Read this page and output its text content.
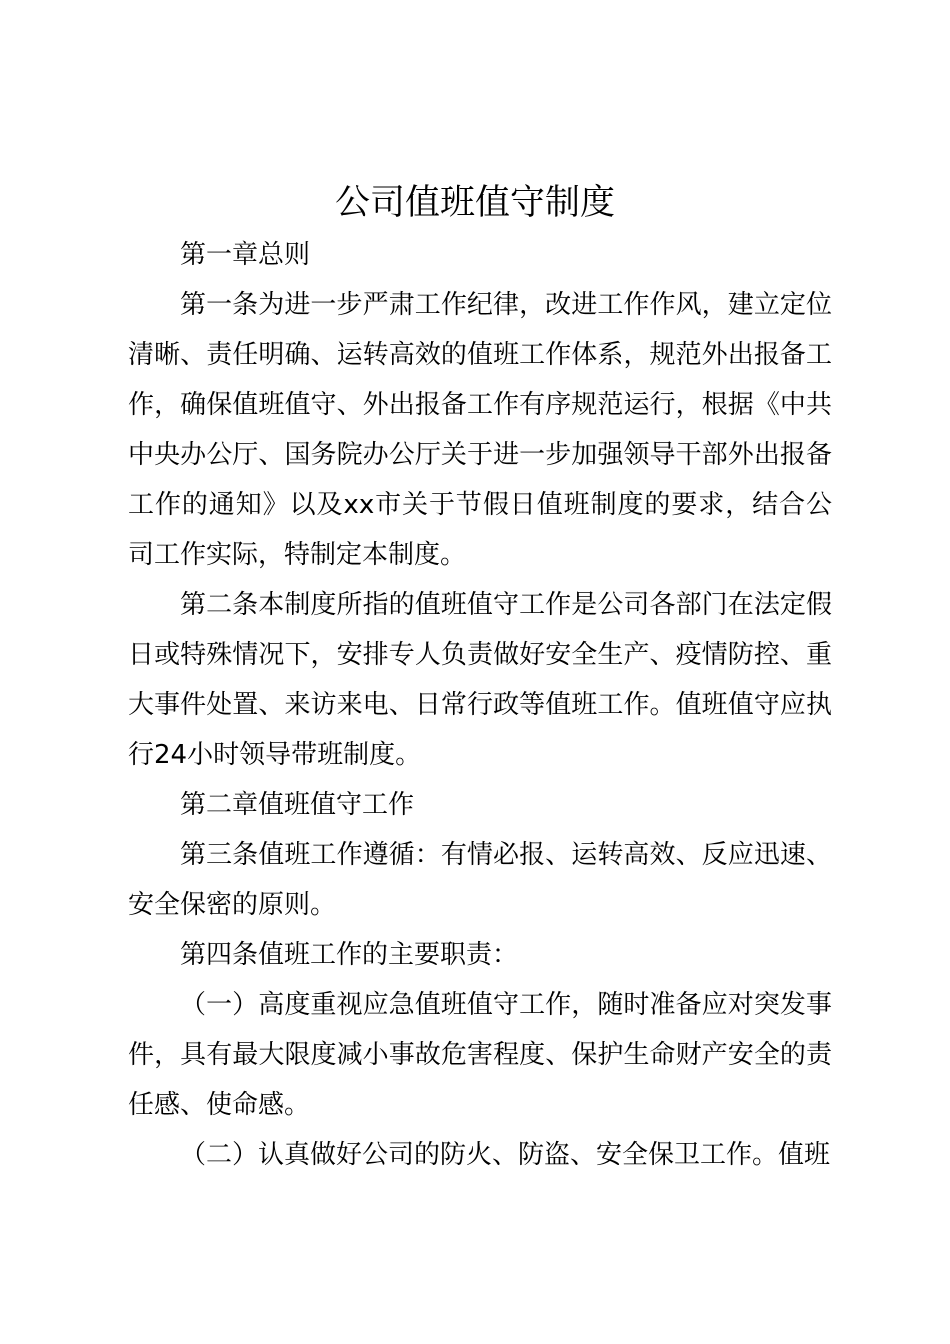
公司值班值守制度

第一章总则

第一条为进一步严肃工作纪律，改进工作作风，建立定位清晰、责任明确、运转高效的值班工作体系，规范外出报备工作，确保值班值守、外出报备工作有序规范运行，根据《中共中央办公厅、国务院办公厅关于进一步加强领导干部外出报备工作的通知》以及xx市关于节假日值班制度的要求，结合公司工作实际，特制定本制度。

第二条本制度所指的值班值守工作是公司各部门在法定假日或特殊情况下，安排专人负责做好安全生产、疫情防控、重大事件处置、来访来电、日常行政等值班工作。值班值守应执行24小时领导带班制度。

第二章值班值守工作

第三条值班工作遵循：有情必报、运转高效、反应迅速、安全保密的原则。

第四条值班工作的主要职责：

（一）高度重视应急值班值守工作，随时准备应对突发事件，具有最大限度减小事故危害程度、保护生命财产安全的责任感、使命感。

（二）认真做好公司的防火、防盗、安全保卫工作。值班
